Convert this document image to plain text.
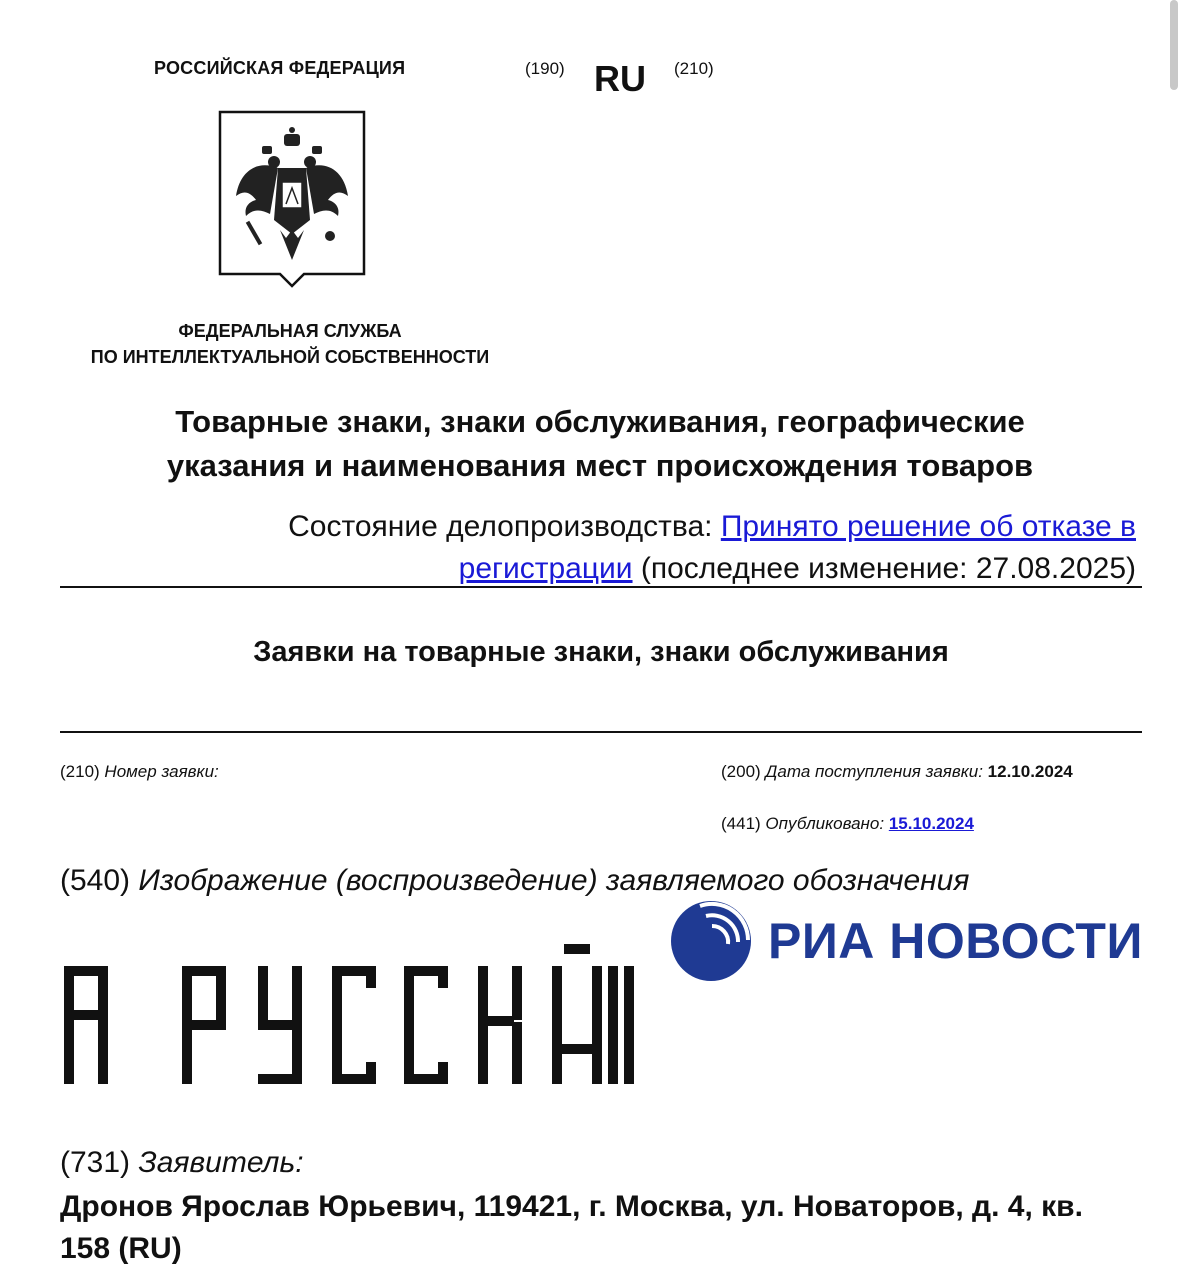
РОССИЙСКАЯ ФЕДЕРАЦИЯ	(190) RU (210)
ФЕДЕРАЛЬНАЯ СЛУЖБА
ПО ИНТЕЛЛЕКТУАЛЬНОЙ СОБСТВЕННОСТИ
Товарные знаки, знаки обслуживания, географические
указания и наименования мест происхождения товаров
Состояние делопроизводства: Принято решение об отказе в регистрации (последнее изменение: 27.08.2025)
Заявки на товарные знаки, знаки обслуживания
(210) Номер заявки:	(200) Дата поступления заявки: 12.10.2024
(441) Опубликовано: 15.10.2024
(540) Изображение (воспроизведение) заявляемого обозначения
РИА НОВОСТИ
(731) Заявитель:
Дронов Ярослав Юрьевич, 119421, г. Москва, ул. Новаторов, д. 4, кв. 158 (RU)
